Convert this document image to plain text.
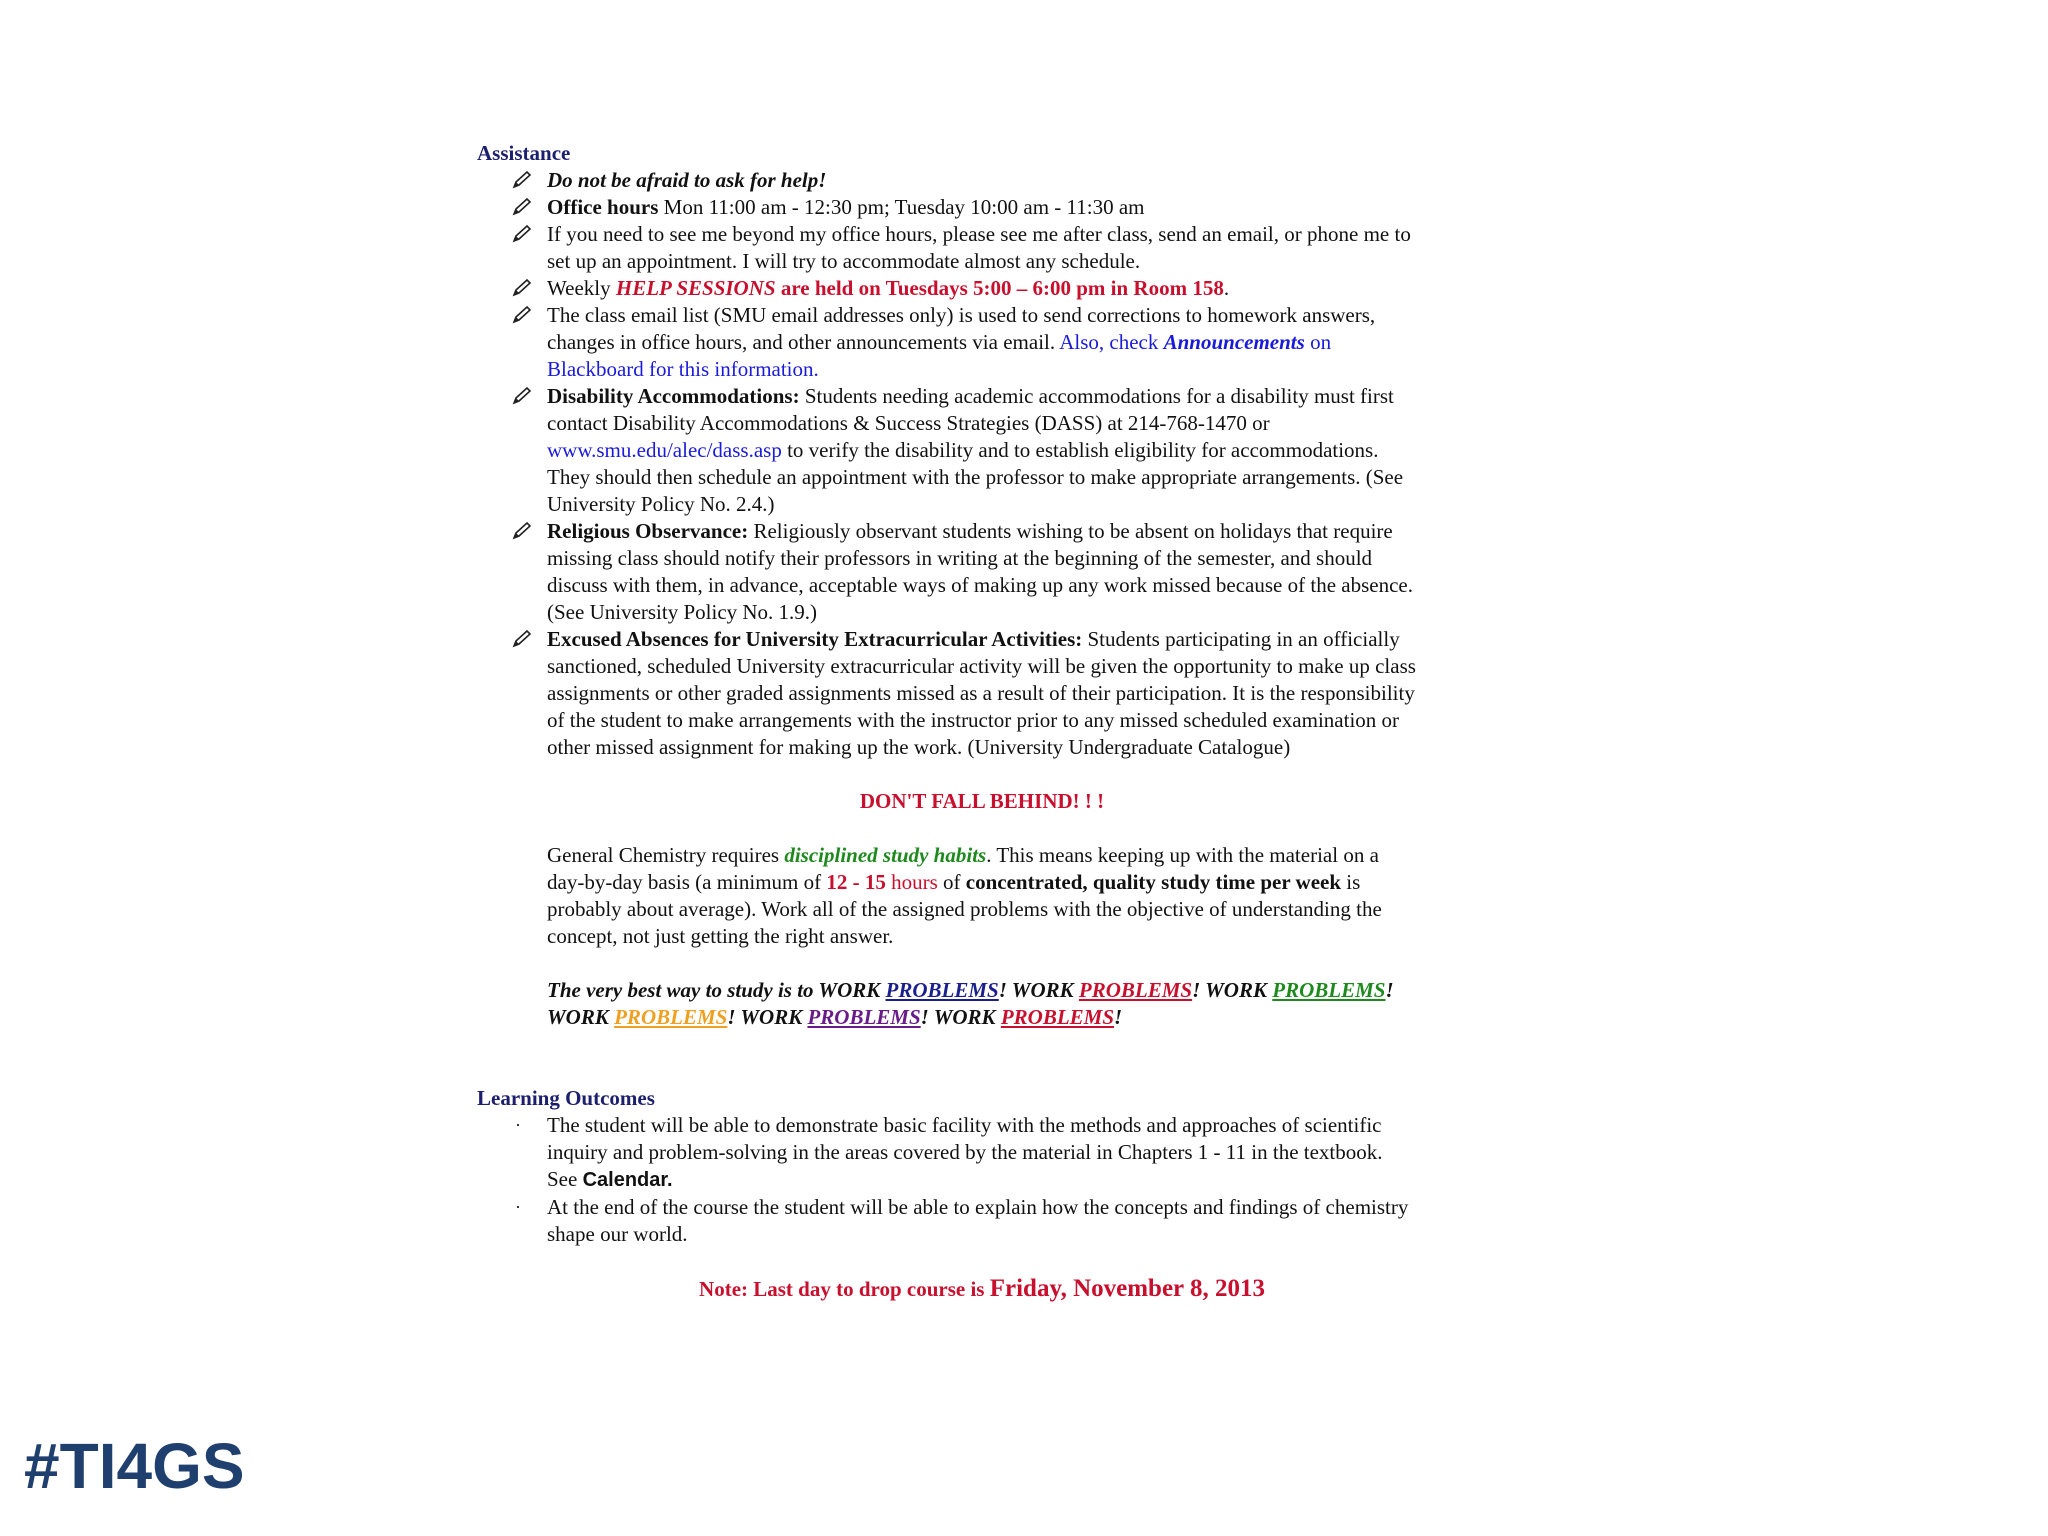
Assistance
Do not be afraid to ask for help!
Office hours Mon 11:00 am - 12:30 pm; Tuesday 10:00 am - 11:30 am
If you need to see me beyond my office hours, please see me after class, send an email, or phone me to set up an appointment. I will try to accommodate almost any schedule.
Weekly HELP SESSIONS are held on Tuesdays 5:00 – 6:00 pm in Room 158.
The class email list (SMU email addresses only) is used to send corrections to homework answers, changes in office hours, and other announcements via email. Also, check Announcements on Blackboard for this information.
Disability Accommodations: Students needing academic accommodations for a disability must first contact Disability Accommodations & Success Strategies (DASS) at 214-768-1470 or www.smu.edu/alec/dass.asp to verify the disability and to establish eligibility for accommodations. They should then schedule an appointment with the professor to make appropriate arrangements. (See University Policy No. 2.4.)
Religious Observance: Religiously observant students wishing to be absent on holidays that require missing class should notify their professors in writing at the beginning of the semester, and should discuss with them, in advance, acceptable ways of making up any work missed because of the absence. (See University Policy No. 1.9.)
Excused Absences for University Extracurricular Activities: Students participating in an officially sanctioned, scheduled University extracurricular activity will be given the opportunity to make up class assignments or other graded assignments missed as a result of their participation. It is the responsibility of the student to make arrangements with the instructor prior to any missed scheduled examination or other missed assignment for making up the work. (University Undergraduate Catalogue)
DON'T FALL BEHIND! ! !
General Chemistry requires disciplined study habits. This means keeping up with the material on a day-by-day basis (a minimum of 12 - 15 hours of concentrated, quality study time per week is probably about average). Work all of the assigned problems with the objective of understanding the concept, not just getting the right answer.
The very best way to study is to WORK PROBLEMS! WORK PROBLEMS! WORK PROBLEMS! WORK PROBLEMS! WORK PROBLEMS! WORK PROBLEMS!
Learning Outcomes
· The student will be able to demonstrate basic facility with the methods and approaches of scientific inquiry and problem-solving in the areas covered by the material in Chapters 1 - 11 in the textbook. See Calendar.
· At the end of the course the student will be able to explain how the concepts and findings of chemistry shape our world.
Note: Last day to drop course is Friday, November 8, 2013
#TI4GS
